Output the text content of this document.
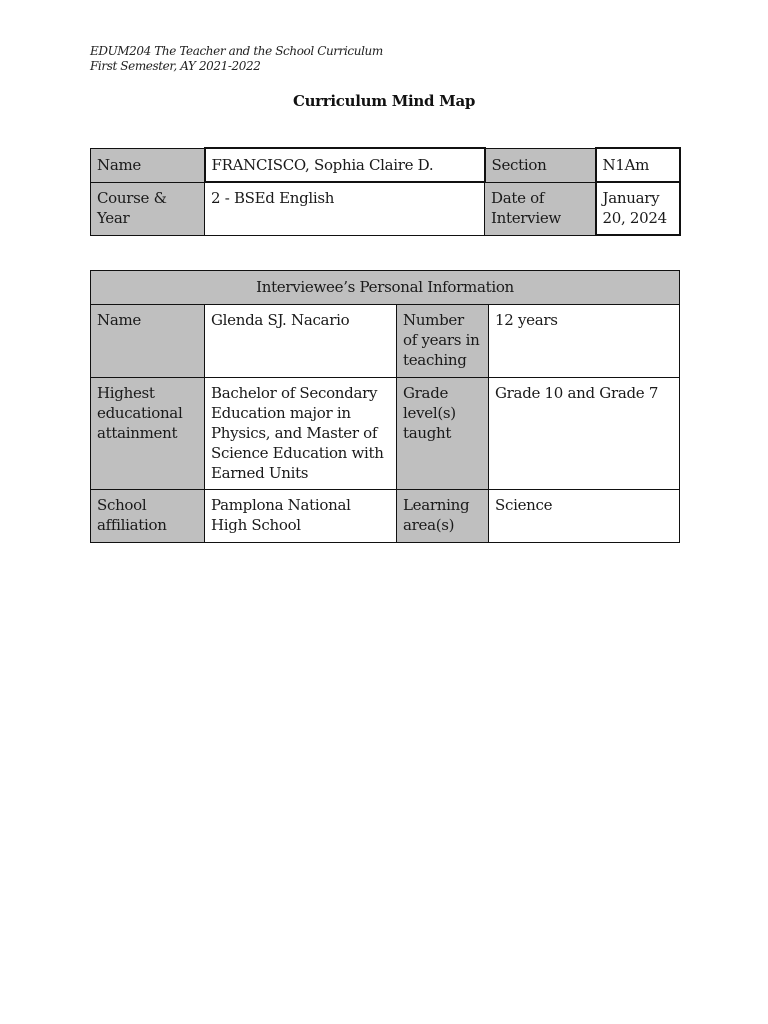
EDUM204 The Teacher and the School Curriculum
First Semester, AY 2021-2022
Curriculum Mind Map
Name	FRANCISCO, Sophia Claire D.	Section	N1Am
Course & Year	2 - BSEd English	Date of Interview	January 20, 2024
Interviewee’s Personal Information			
Name	Glenda SJ. Nacario	Number of years in teaching	12 years
Highest educational attainment	Bachelor of Secondary Education major in Physics, and Master of Science Education with Earned Units	Grade level(s) taught	Grade 10 and Grade 7
School affiliation	Pamplona National High School	Learning area(s)	Science
